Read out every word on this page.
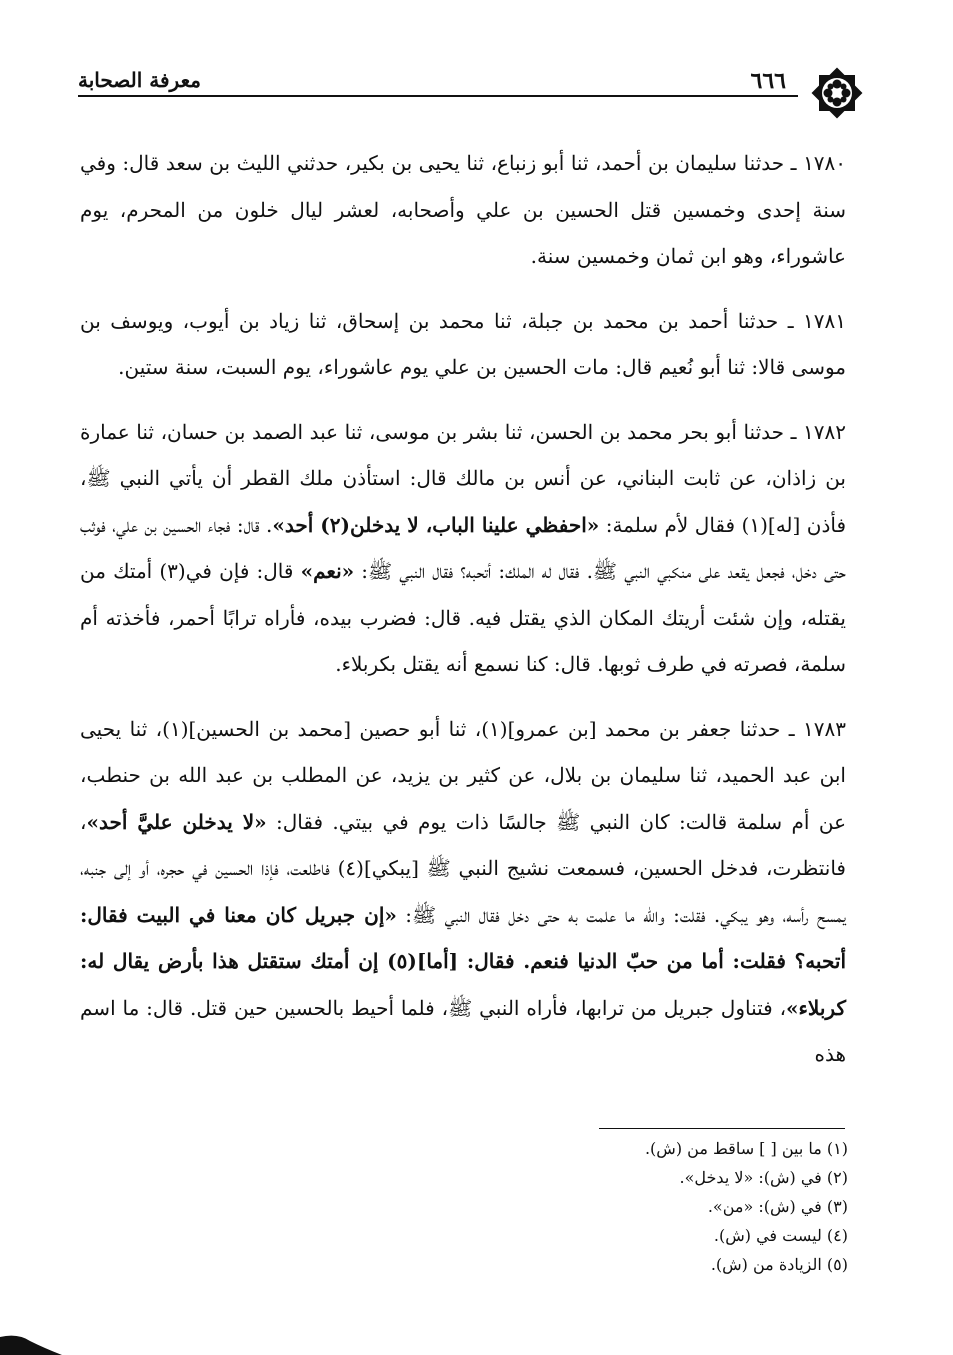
٦٦٦
معرفة الصحابة

١٧٨٠ ـ حدثنا سليمان بن أحمد، ثنا أبو زنباع، ثنا يحيى بن بكير، حدثني الليث بن سعد قال: وفي سنة إحدى وخمسين قتل الحسين بن علي وأصحابه، لعشر ليال خلون من المحرم، يوم عاشوراء، وهو ابن ثمان وخمسين سنة.

١٧٨١ ـ حدثنا أحمد بن محمد بن جبلة، ثنا محمد بن إسحاق، ثنا زياد بن أيوب، ويوسف بن موسى قالا: ثنا أبو نُعيم قال: مات الحسين بن علي يوم عاشوراء، يوم السبت، سنة ستين.

١٧٨٢ ـ حدثنا أبو بحر محمد بن الحسن، ثنا بشر بن موسى، ثنا عبد الصمد بن حسان، ثنا عمارة بن زاذان، عن ثابت البناني، عن أنس بن مالك قال: استأذن ملك القطر أن يأتي النبي ﷺ، فأذن [له](١) فقال لأم سلمة: «احفظي علينا الباب، لا يدخلن(٢) أحد». قال: فجاء الحسين بن علي، فوثب حتى دخل، فجعل يقعد على منكبي النبي ﷺ. فقال له الملك: أتحبه؟ فقال النبي ﷺ: «نعم» قال: فإن في(٣) أمتك من يقتله، وإن شئت أريتك المكان الذي يقتل فيه. قال: فضرب بيده، فأراه ترابًا أحمر، فأخذته أم سلمة، فصرته في طرف ثوبها. قال: كنا نسمع أنه يقتل بكربلاء.

١٧٨٣ ـ حدثنا جعفر بن محمد [بن عمرو](١)، ثنا أبو حصين [محمد بن الحسين](١)، ثنا يحيى ابن عبد الحميد، ثنا سليمان بن بلال، عن كثير بن يزيد، عن المطلب بن عبد الله بن حنطب، عن أم سلمة قالت: كان النبي ﷺ جالسًا ذات يوم في بيتي. فقال: «لا يدخلن عليَّ أحد»، فانتظرت، فدخل الحسين، فسمعت نشيج النبي ﷺ [يبكي](٤) فاطلعت، فإذا الحسين في حجره، أو إلى جنبه، يمسح رأسه، وهو يبكي. فقلت: والله ما علمت به حتى دخل فقال النبي ﷺ: «إن جبريل كان معنا في البيت فقال: أتحبه؟ فقلت: أما من حبّ الدنيا فنعم. فقال: [أما](٥) إن أمتك ستقتل هذا بأرض يقال له: كربلاء»، فتناول جبريل من ترابها، فأراه النبي ﷺ، فلما أحيط بالحسين حين قتل. قال: ما اسم هذه

(١) ما بين [ ] ساقط من (ش).
(٢) في (ش): «لا يدخل».
(٣) في (ش): «من».
(٤) ليست في (ش).
(٥) الزيادة من (ش).
